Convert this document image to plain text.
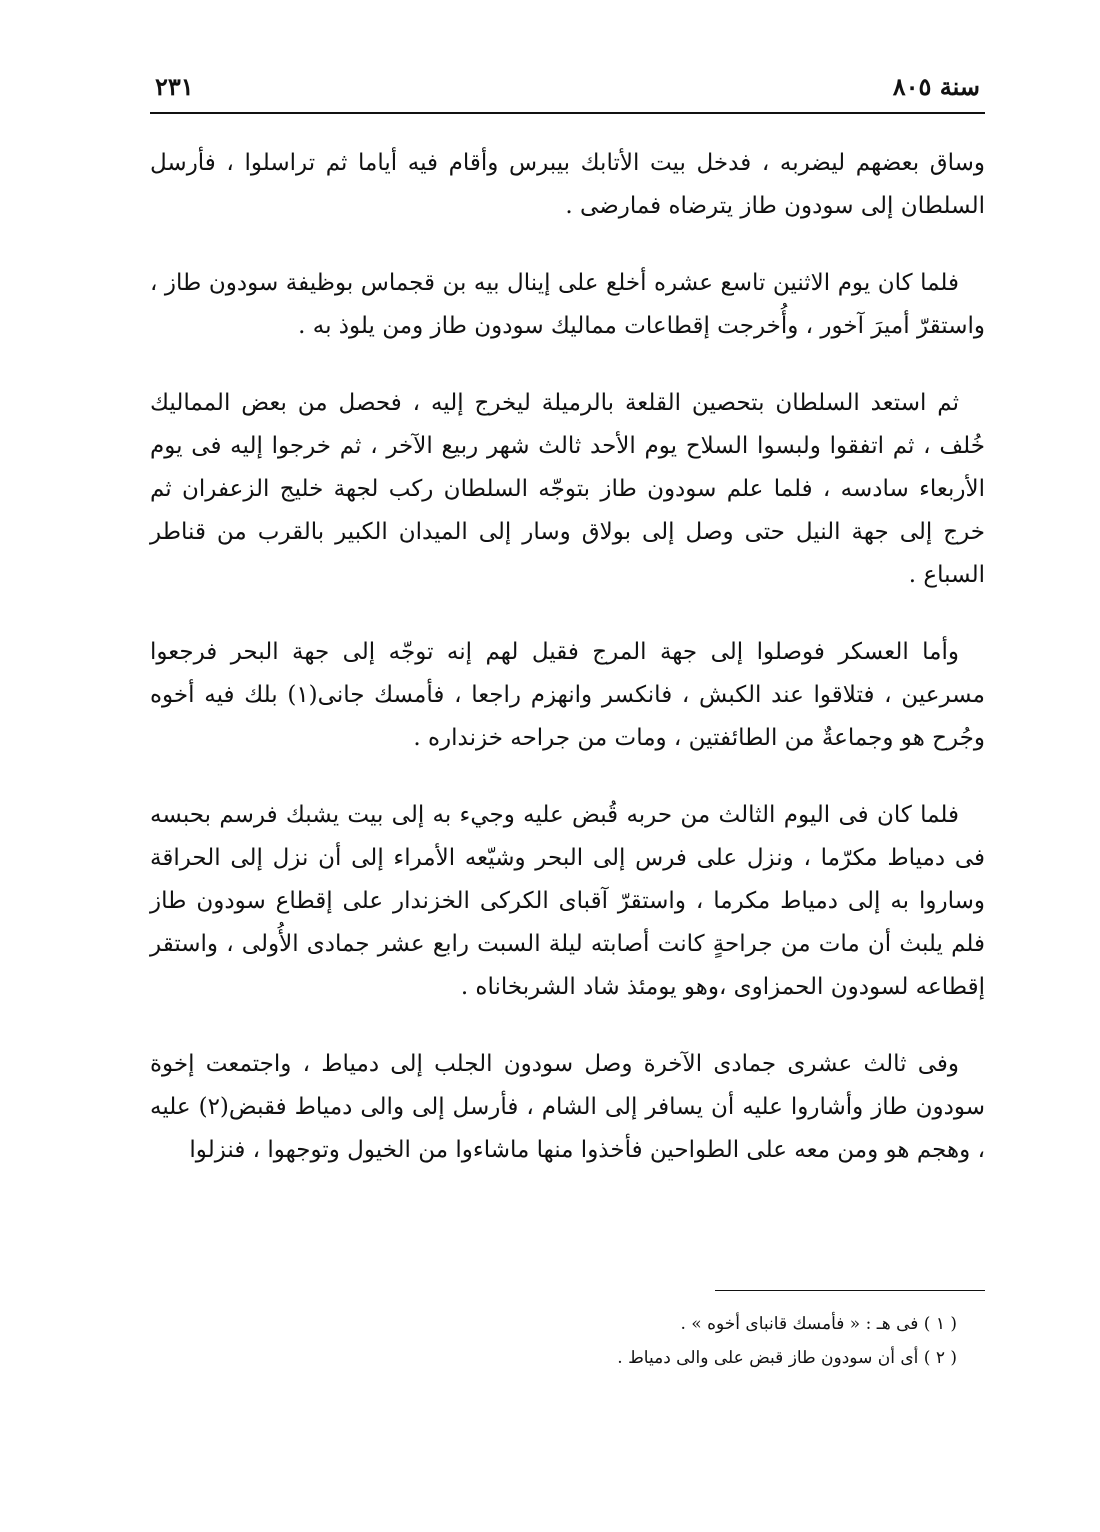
سنة ٨٠٥
٢٣١

وساق بعضهم ليضربه ، فدخل بيت الأتابك بيبرس وأقام فيه أياما ثم تراسلوا ، فأرسل السلطان إلى سودون طاز يترضاه فمارضى .

فلما كان يوم الاثنين تاسع عشره أخلع على إينال بيه بن قجماس بوظيفة سودون طاز ، واستقرّ أميرَ آخور ، وأُخرجت إقطاعات مماليك سودون طاز ومن يلوذ به .

ثم استعد السلطان بتحصين القلعة بالرميلة ليخرج إليه ، فحصل من بعض المماليك خُلف ، ثم اتفقوا ولبسوا السلاح يوم الأحد ثالث شهر ربيع الآخر ، ثم خرجوا إليه فى يوم الأربعاء سادسه ، فلما علم سودون طاز بتوجّه السلطان ركب لجهة خليج الزعفران ثم خرج إلى جهة النيل حتى وصل إلى بولاق وسار إلى الميدان الكبير بالقرب من قناطر السباع .

وأما العسكر فوصلوا إلى جهة المرج فقيل لهم إنه توجّه إلى جهة البحر فرجعوا مسرعين ، فتلاقوا عند الكبش ، فانكسر وانهزم راجعا ، فأمسك جانى(١) بلك فيه أخوه وجُرح هو وجماعةٌ من الطائفتين ، ومات من جراحه خزنداره .

فلما كان فى اليوم الثالث من حربه قُبض عليه وجيء به إلى بيت يشبك فرسم بحبسه فى دمياط مكرّما ، ونزل على فرس إلى البحر وشيّعه الأمراء إلى أن نزل إلى الحراقة وساروا به إلى دمياط مكرما ، واستقرّ آقباى الكركى الخزندار على إقطاع سودون طاز فلم يلبث أن مات من جراحةٍ كانت أصابته ليلة السبت رابع عشر جمادى الأُولى ، واستقر إقطاعه لسودون الحمزاوى ،وهو يومئذ شاد الشربخاناه .

وفى ثالث عشرى جمادى الآخرة وصل سودون الجلب إلى دمياط ، واجتمعت إخوة سودون طاز وأشاروا عليه أن يسافر إلى الشام ، فأرسل إلى والى دمياط فقبض(٢) عليه ، وهجم هو ومن معه على الطواحين فأخذوا منها ماشاءوا من الخيول وتوجهوا ، فنزلوا

( ١ ) فى هـ : « فأمسك قانباى أخوه » .

( ٢ ) أى أن سودون طاز قبض على والى دمياط .
